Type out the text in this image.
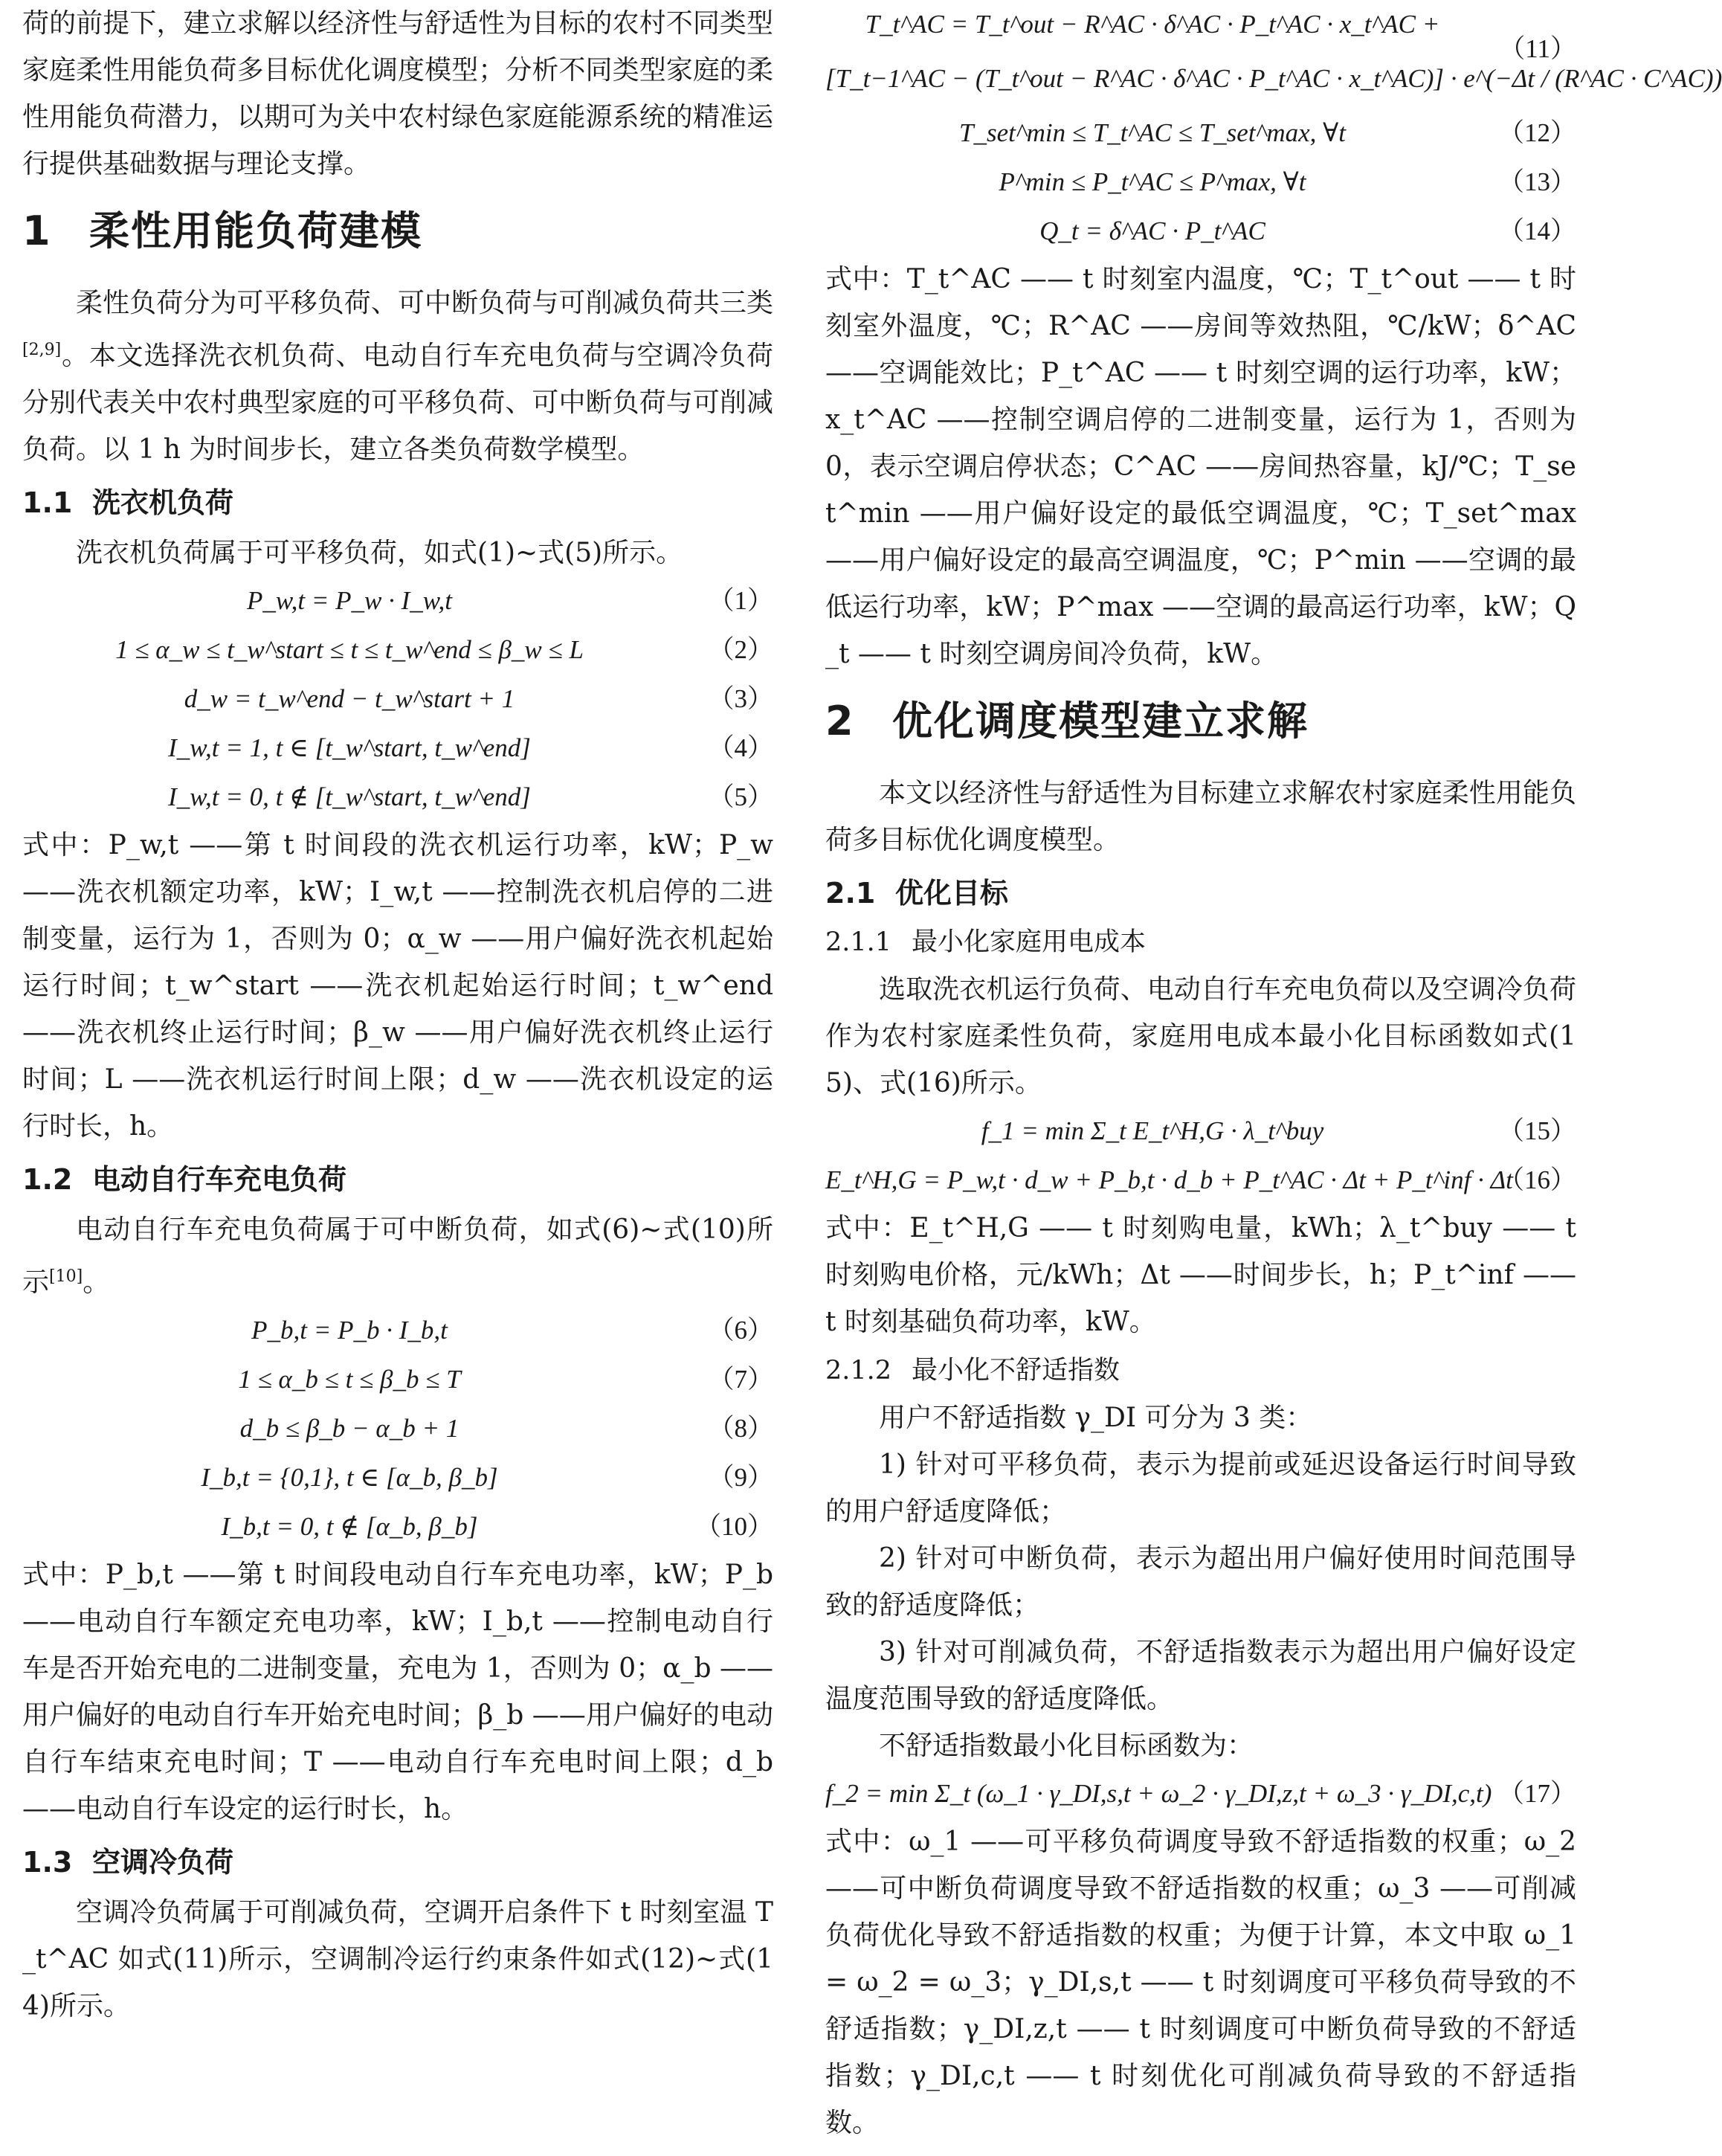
荷的前提下，建立求解以经济性与舒适性为目标的农村不同类型家庭柔性用能负荷多目标优化调度模型；分析不同类型家庭的柔性用能负荷潜力，以期可为关中农村绿色家庭能源系统的精准运行提供基础数据与理论支撑。

1 柔性用能负荷建模

柔性负荷分为可平移负荷、可中断负荷与可削减负荷共三类[2,9]。本文选择洗衣机负荷、电动自行车充电负荷与空调冷负荷分别代表关中农村典型家庭的可平移负荷、可中断负荷与可削减负荷。以 1 h 为时间步长，建立各类负荷数学模型。

1.1 洗衣机负荷

洗衣机负荷属于可平移负荷，如式(1)~式(5)所示。

P_w,t = P_w · I_w,t	（1）
1 ≤ α_w ≤ t_w^start ≤ t ≤ t_w^end ≤ β_w ≤ L	（2）
d_w = t_w^end − t_w^start + 1	（3）
I_w,t = 1, t ∈ [t_w^start, t_w^end]	（4）
I_w,t = 0, t ∉ [t_w^start, t_w^end]	（5）

式中：P_w,t ——第 t 时间段的洗衣机运行功率，kW；P_w ——洗衣机额定功率，kW；I_w,t ——控制洗衣机启停的二进制变量，运行为 1，否则为 0；α_w ——用户偏好洗衣机起始运行时间；t_w^start ——洗衣机起始运行时间；t_w^end ——洗衣机终止运行时间；β_w ——用户偏好洗衣机终止运行时间；L ——洗衣机运行时间上限；d_w ——洗衣机设定的运行时长，h。

1.2 电动自行车充电负荷

电动自行车充电负荷属于可中断负荷，如式(6)~式(10)所示[10]。

P_b,t = P_b · I_b,t	（6）
1 ≤ α_b ≤ t ≤ β_b ≤ T	（7）
d_b ≤ β_b − α_b + 1	（8）
I_b,t = {0,1}, t ∈ [α_b, β_b]	（9）
I_b,t = 0, t ∉ [α_b, β_b]	（10）

式中：P_b,t ——第 t 时间段电动自行车充电功率，kW；P_b ——电动自行车额定充电功率，kW；I_b,t ——控制电动自行车是否开始充电的二进制变量，充电为 1，否则为 0；α_b ——用户偏好的电动自行车开始充电时间；β_b ——用户偏好的电动自行车结束充电时间；T ——电动自行车充电时间上限；d_b ——电动自行车设定的运行时长，h。

1.3 空调冷负荷

空调冷负荷属于可削减负荷，空调开启条件下 t 时刻室温 T_t^AC 如式(11)所示，空调制冷运行约束条件如式(12)~式(14)所示。

T_t^AC = T_t^out − R^AC · δ^AC · P_t^AC · x_t^AC +
[T_t−1^AC − (T_t^out − R^AC · δ^AC · P_t^AC · x_t^AC)] · e^(−Δt / (R^AC · C^AC))
（11）
T_set^min ≤ T_t^AC ≤ T_set^max, ∀t	（12）
P^min ≤ P_t^AC ≤ P^max, ∀t	（13）
Q_t = δ^AC · P_t^AC	（14）

式中：T_t^AC —— t 时刻室内温度，℃；T_t^out —— t 时刻室外温度，℃；R^AC ——房间等效热阻，℃/kW；δ^AC ——空调能效比；P_t^AC —— t 时刻空调的运行功率，kW；x_t^AC ——控制空调启停的二进制变量，运行为 1，否则为 0，表示空调启停状态；C^AC ——房间热容量，kJ/℃；T_set^min ——用户偏好设定的最低空调温度，℃；T_set^max ——用户偏好设定的最高空调温度，℃；P^min ——空调的最低运行功率，kW；P^max ——空调的最高运行功率，kW；Q_t —— t 时刻空调房间冷负荷，kW。

2 优化调度模型建立求解

本文以经济性与舒适性为目标建立求解农村家庭柔性用能负荷多目标优化调度模型。

2.1 优化目标
2.1.1 最小化家庭用电成本

选取洗衣机运行负荷、电动自行车充电负荷以及空调冷负荷作为农村家庭柔性负荷，家庭用电成本最小化目标函数如式(15)、式(16)所示。

f_1 = min Σ_t E_t^H,G · λ_t^buy	（15）
E_t^H,G = P_w,t · d_w + P_b,t · d_b + P_t^AC · Δt + P_t^inf · Δt
（16）

式中：E_t^H,G —— t 时刻购电量，kWh；λ_t^buy —— t 时刻购电价格，元/kWh；Δt ——时间步长，h；P_t^inf —— t 时刻基础负荷功率，kW。

2.1.2 最小化不舒适指数

用户不舒适指数 γ_DI 可分为 3 类：

1) 针对可平移负荷，表示为提前或延迟设备运行时间导致的用户舒适度降低；

2) 针对可中断负荷，表示为超出用户偏好使用时间范围导致的舒适度降低；

3) 针对可削减负荷，不舒适指数表示为超出用户偏好设定温度范围导致的舒适度降低。

不舒适指数最小化目标函数为：

f_2 = min Σ_t (ω_1 · γ_DI,s,t + ω_2 · γ_DI,z,t + ω_3 · γ_DI,c,t) （17）

式中：ω_1 ——可平移负荷调度导致不舒适指数的权重；ω_2 ——可中断负荷调度导致不舒适指数的权重；ω_3 ——可削减负荷优化导致不舒适指数的权重；为便于计算，本文中取 ω_1 = ω_2 = ω_3；γ_DI,s,t —— t 时刻调度可平移负荷导致的不舒适指数；γ_DI,z,t —— t 时刻调度可中断负荷导致的不舒适指数；γ_DI,c,t —— t 时刻优化可削减负荷导致的不舒适指数。
